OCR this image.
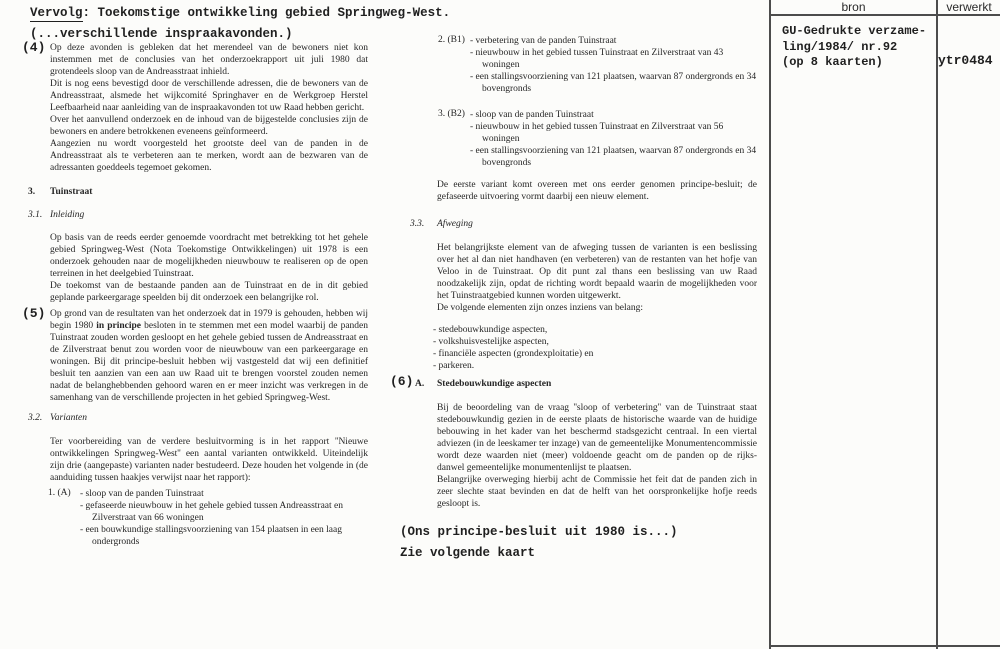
Vervolg: Toekomstige ontwikkeling gebied Springweg-West.
(...verschillende inspraakavonden.)
(4) Op deze avonden is gebleken dat het merendeel van de bewoners niet kon instemmen met de conclusies van het onderzoekrapport uit juli 1980 dat grotendeels sloop van de Andreasstraat inhield.

Dit is nog eens bevestigd door de verschillende adressen, die de bewoners van de Andreasstraat, alsmede het wijkcomité Springhaver en de Werkgroep Herstel Leefbaarheid naar aanleiding van de inspraakavonden tot uw Raad hebben gericht.

Over het aanvullend onderzoek en de inhoud van de bijgestelde conclusies zijn de bewoners en andere betrokkenen eveneens geïnformeerd.

Aangezien nu wordt voorgesteld het grootste deel van de panden in de Andreasstraat als te verbeteren aan te merken, wordt aan de bezwaren van de adressanten goeddeels tegemoet gekomen.

3.	Tuinstraat
3.1. Inleiding

Op basis van de reeds eerder genoemde voordracht met betrekking tot het gehele gebied Springweg-West (Nota Toekomstige Ontwikkelingen) uit 1978 is een onderzoek gehouden naar de mogelijkheden nieuwbouw te realiseren op de open terreinen in het deelgebied Tuinstraat.

De toekomst van de bestaande panden aan de Tuinstraat en de in dit gebied geplande parkeergarage speelden bij dit onderzoek een belangrijke rol.

(5) Op grond van de resultaten van het onderzoek dat in 1979 is gehouden, hebben wij begin 1980 in principe besloten in te stemmen met een model waarbij de panden Tuinstraat zouden worden gesloopt en het gehele gebied tussen de Andreasstraat en de Zilverstraat benut zou worden voor de nieuwbouw van een parkeergarage en woningen. Bij dit principe-besluit hebben wij vastgesteld dat wij een definitief besluit ten aanzien van een aan uw Raad uit te brengen voorstel zouden nemen nadat de belanghebbenden gehoord waren en er meer inzicht was verkregen in de samenhang van de verschillende projecten in het gebied Springweg-West.

3.2. Varianten

Ter voorbereiding van de verdere besluitvorming is in het rapport ''Nieuwe ontwikkelingen Springweg-West'' een aantal varianten ontwikkeld. Uiteindelijk zijn drie (aangepaste) varianten nader bestudeerd. Deze houden het volgende in (de aanduiding tussen haakjes verwijst naar het rapport):

1. (A) - sloop van de panden Tuinstraat

- gefaseerde nieuwbouw in het gehele gebied tussen Andreasstraat en Zilverstraat van 66 woningen

- een bouwkundige stallingsvoorziening van 154 plaatsen in een laag ondergronds

2. (B1) - verbetering van de panden Tuinstraat

- nieuwbouw in het gebied tussen Tuinstraat en Zilverstraat van 43 woningen

- een stallingsvoorziening van 121 plaatsen, waarvan 87 ondergronds en 34 bovengronds

3. (B2) - sloop van de panden Tuinstraat

- nieuwbouw in het gebied tussen Tuinstraat en Zilverstraat van 56 woningen

- een stallingsvoorziening van 121 plaatsen, waarvan 87 ondergronds en 34 bovengronds

De eerste variant komt overeen met ons eerder genomen principe-besluit; de gefaseerde uitvoering vormt daarbij een nieuw element.

3.3.	Afweging

Het belangrijkste element van de afweging tussen de varianten is een beslissing over het al dan niet handhaven (en verbeteren) van de restanten van het hofje van Veloo in de Tuinstraat. Op dit punt zal thans een beslissing van uw Raad noodzakelijk zijn, opdat de richting wordt bepaald waarin de mogelijkheden voor het Tuinstraatgebied kunnen worden uitgewerkt.

De volgende elementen zijn onzes inziens van belang:

- stedebouwkundige aspecten,

- volkshuisvestelijke aspecten,

- financiële aspecten (grondexploitatie) en

- parkeren.

(6) A.	Stedebouwkundige aspecten

Bij de beoordeling van de vraag ''sloop of verbetering'' van de Tuinstraat staat stedebouwkundig gezien in de eerste plaats de historische waarde van de huidige bebouwing in het kader van het beschermd stadsgezicht centraal. In een viertal adviezen (in de leeskamer ter inzage) van de gemeentelijke Monumentencommissie wordt deze waarden niet (meer) voldoende geacht om de panden op de rijks- danwel gemeentelijke monumentenlijst te plaatsen.

Belangrijke overweging hierbij acht de Commissie het feit dat de panden zich in zeer slechte staat bevinden en dat de helft van het oorspronkelijke hofje reeds gesloopt is.

(Ons principe-besluit uit 1980 is...)
Zie volgende kaart
bron	verwerkt
GU-Gedrukte verzame-
ling/1984/ nr.92
(op 8 kaarten)	ytr0484
